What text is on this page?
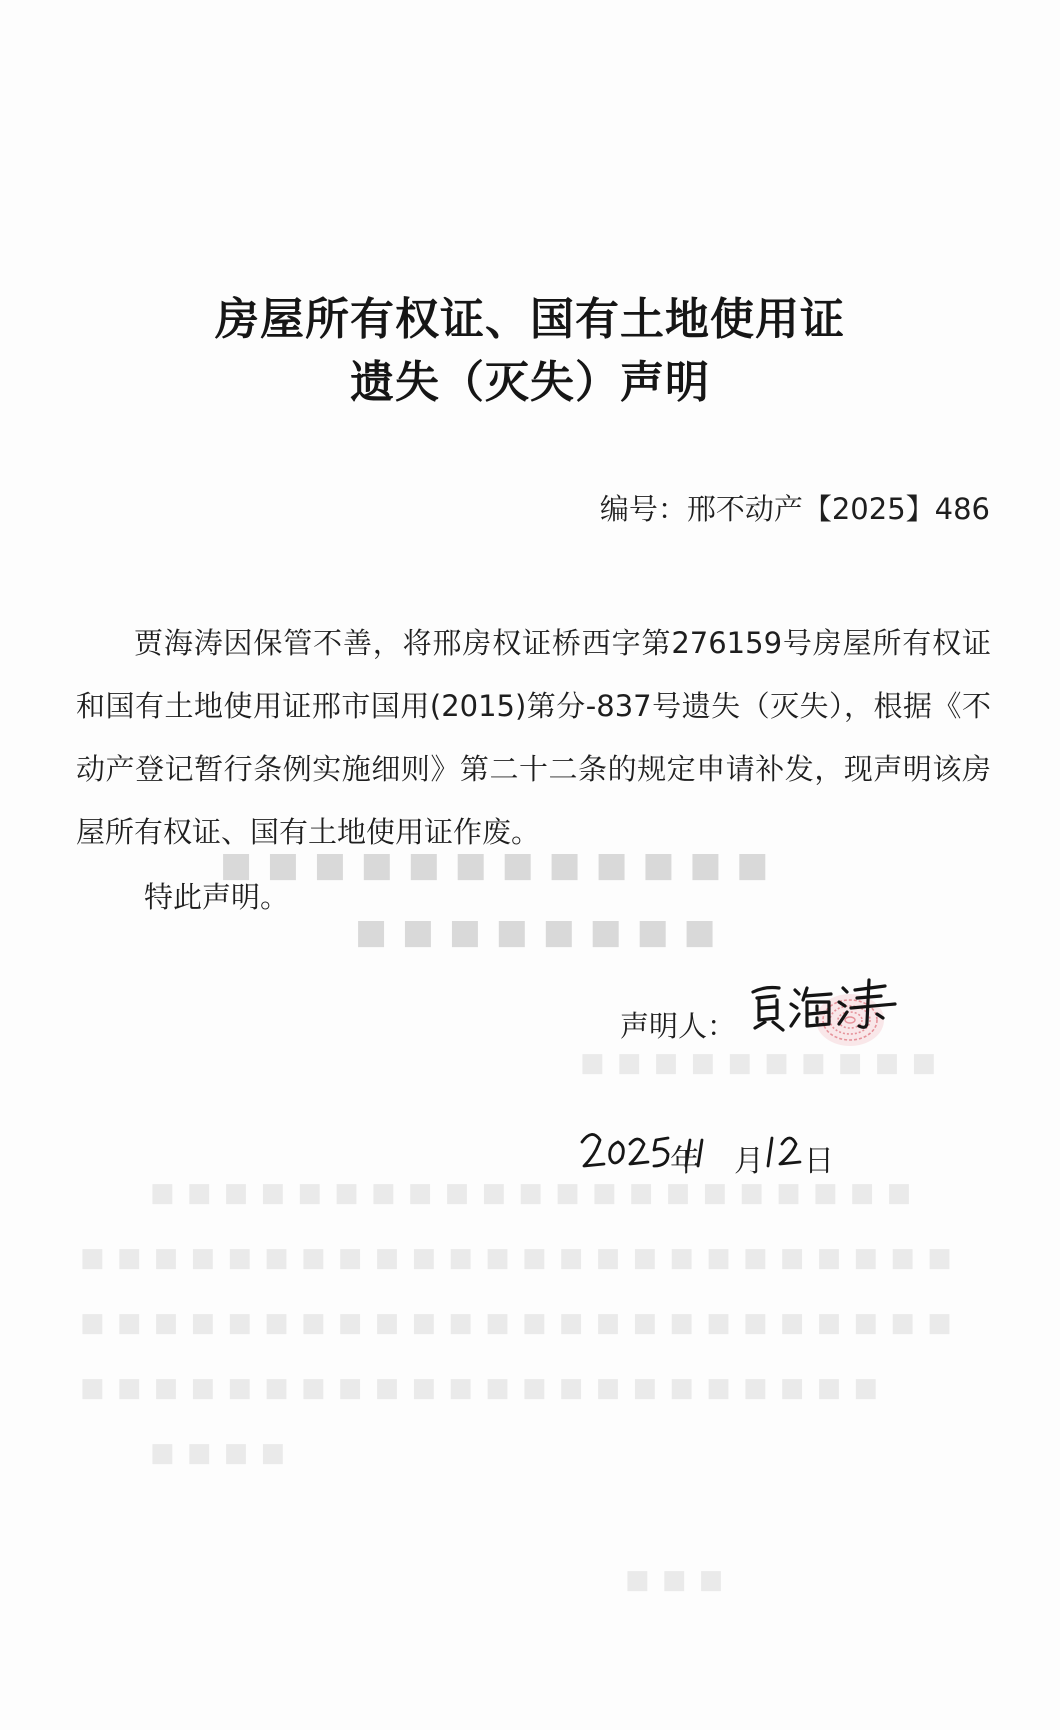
■ ■ ■ ■ ■ ■ ■ ■ ■ ■ ■ ■
■ ■ ■ ■ ■ ■ ■ ■
■ ■ ■ ■ ■ ■ ■ ■ ■ ■
■ ■ ■ ■ ■ ■ ■ ■ ■ ■ ■ ■ ■ ■ ■ ■ ■ ■ ■ ■ ■
■ ■ ■ ■ ■ ■ ■ ■ ■ ■ ■ ■ ■ ■ ■ ■ ■ ■ ■ ■ ■ ■ ■ ■
■ ■ ■ ■ ■ ■ ■ ■ ■ ■ ■ ■ ■ ■ ■ ■ ■ ■ ■ ■ ■ ■ ■ ■
■ ■ ■ ■ ■ ■ ■ ■ ■ ■ ■ ■ ■ ■ ■ ■ ■ ■ ■ ■ ■ ■
■ ■ ■ ■
■ ■ ■
房屋所有权证、国有土地使用证
遗失（灭失）声明
编号：邢不动产【2025】486
贾海涛因保管不善，将邢房权证桥西字第276159号房屋所有权证和国有土地使用证邢市国用(2015)第分-837号遗失（灭失），根据《不动产登记暂行条例实施细则》第二十二条的规定申请补发，现声明该房屋所有权证、国有土地使用证作废。
特此声明。
声明人：
年 月 日
